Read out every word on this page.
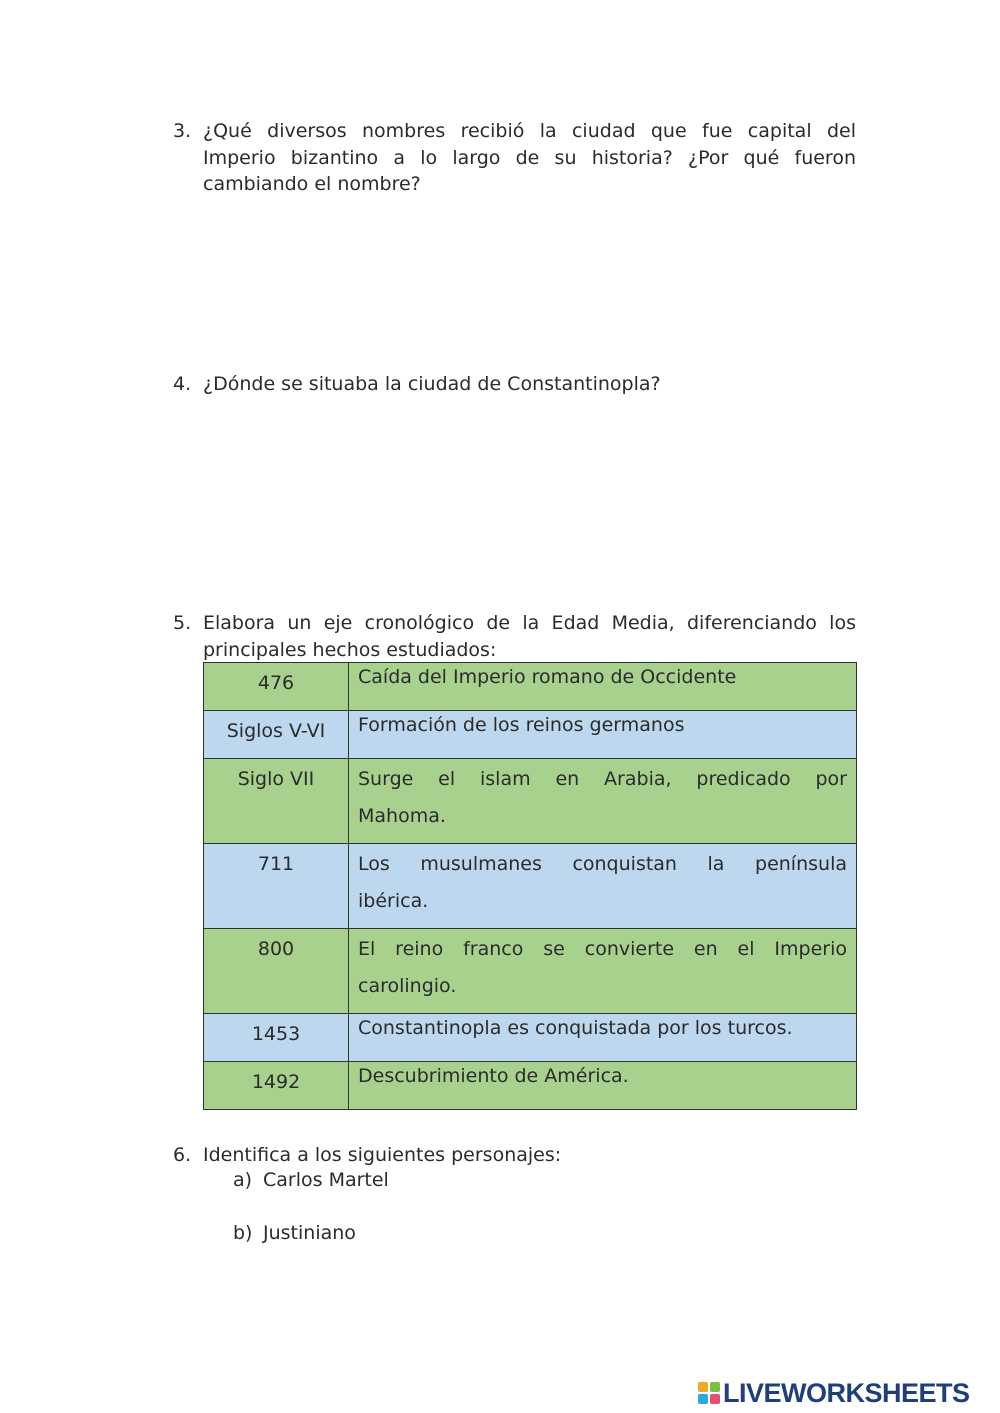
3. ¿Qué diversos nombres recibió la ciudad que fue capital del
Imperio bizantino a lo largo de su historia? ¿Por qué fueron
cambiando el nombre?
4. ¿Dónde se situaba la ciudad de Constantinopla?
5. Elabora un eje cronológico de la Edad Media, diferenciando los
principales hechos estudiados:
476	Caída del Imperio romano de Occidente
Siglos V-VI	Formación de los reinos germanos
Siglo VII	Surge el islam en Arabia, predicado por
Mahoma.

711	Los musulmanes conquistan la península
ibérica.

800	El reino franco se convierte en el Imperio
carolingio.

1453	Constantinopla es conquistada por los turcos.
1492	Descubrimiento de América.
6. Identifica a los siguientes personajes:
a) Carlos Martel
b) Justiniano
LIVEWORKSHEETS
